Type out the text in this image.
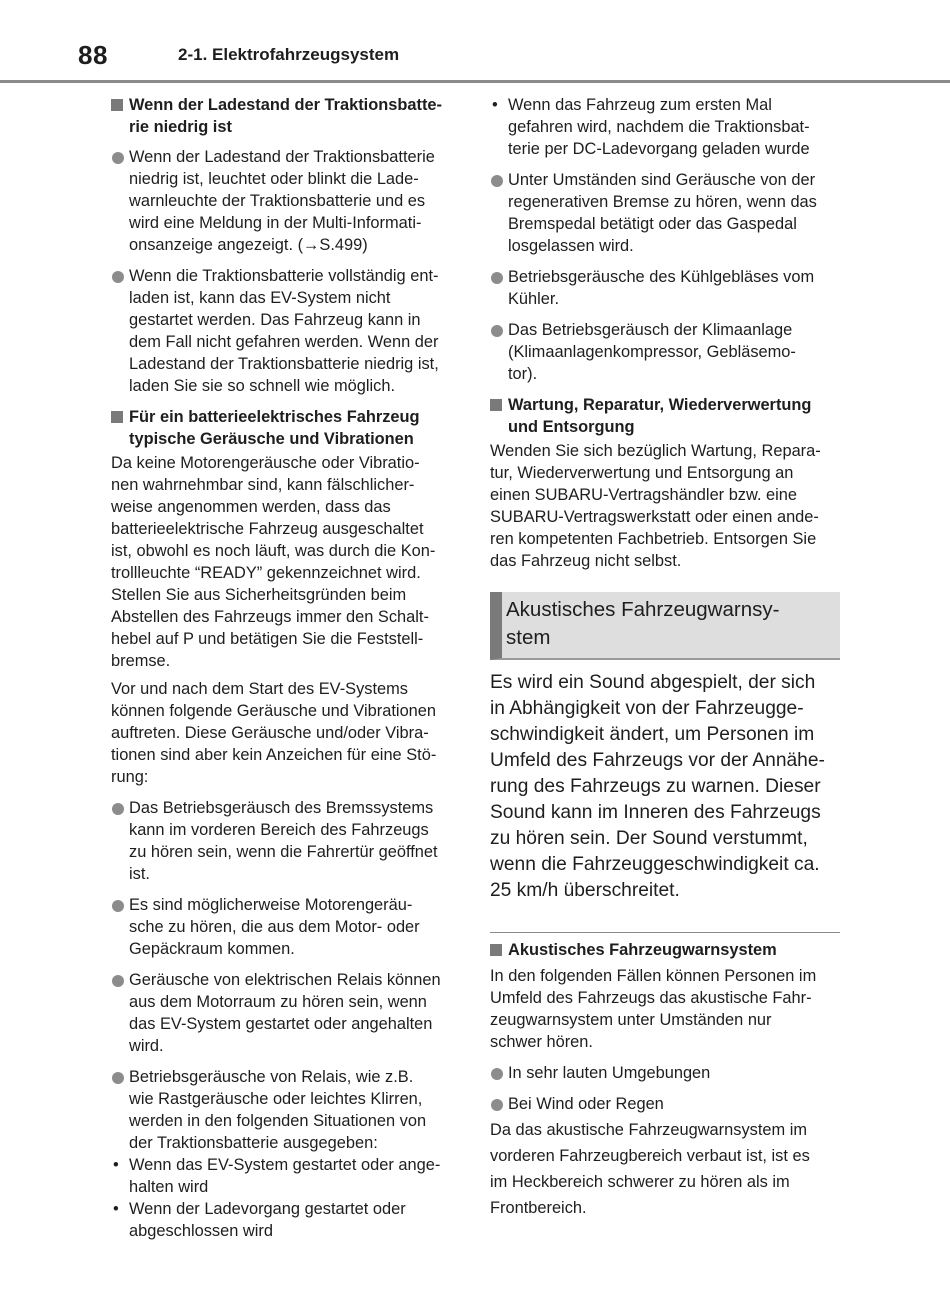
88	2-1. Elektrofahrzeugsystem
Wenn der Ladestand der Traktionsbatte-
rie niedrig ist
Wenn der Ladestand der Traktionsbatterie
niedrig ist, leuchtet oder blinkt die Lade-
warnleuchte der Traktionsbatterie und es
wird eine Meldung in der Multi-Informati-
onsanzeige angezeigt. (→S.499)
Wenn die Traktionsbatterie vollständig ent-
laden ist, kann das EV-System nicht
gestartet werden. Das Fahrzeug kann in
dem Fall nicht gefahren werden. Wenn der
Ladestand der Traktionsbatterie niedrig ist,
laden Sie sie so schnell wie möglich.
Für ein batterieelektrisches Fahrzeug
typische Geräusche und Vibrationen
Da keine Motorengeräusche oder Vibratio-
nen wahrnehmbar sind, kann fälschlicher-
weise angenommen werden, dass das
batterieelektrische Fahrzeug ausgeschaltet
ist, obwohl es noch läuft, was durch die Kon-
trollleuchte “READY” gekennzeichnet wird.
Stellen Sie aus Sicherheitsgründen beim
Abstellen des Fahrzeugs immer den Schalt-
hebel auf P und betätigen Sie die Feststell-
bremse.
Vor und nach dem Start des EV-Systems
können folgende Geräusche und Vibrationen
auftreten. Diese Geräusche und/oder Vibra-
tionen sind aber kein Anzeichen für eine Stö-
rung:
Das Betriebsgeräusch des Bremssystems
kann im vorderen Bereich des Fahrzeugs
zu hören sein, wenn die Fahrertür geöffnet
ist.
Es sind möglicherweise Motorengeräu-
sche zu hören, die aus dem Motor- oder
Gepäckraum kommen.
Geräusche von elektrischen Relais können
aus dem Motorraum zu hören sein, wenn
das EV-System gestartet oder angehalten
wird.
Betriebsgeräusche von Relais, wie z.B.
wie Rastgeräusche oder leichtes Klirren,
werden in den folgenden Situationen von
der Traktionsbatterie ausgegeben:
• Wenn das EV-System gestartet oder ange-
halten wird
• Wenn der Ladevorgang gestartet oder
abgeschlossen wird
• Wenn das Fahrzeug zum ersten Mal
gefahren wird, nachdem die Traktionsbat-
terie per DC-Ladevorgang geladen wurde
Unter Umständen sind Geräusche von der
regenerativen Bremse zu hören, wenn das
Bremspedal betätigt oder das Gaspedal
losgelassen wird.
Betriebsgeräusche des Kühlgebläses vom
Kühler.
Das Betriebsgeräusch der Klimaanlage
(Klimaanlagenkompressor, Gebläsemo-
tor).
Wartung, Reparatur, Wiederverwertung
und Entsorgung
Wenden Sie sich bezüglich Wartung, Repara-
tur, Wiederverwertung und Entsorgung an
einen SUBARU-Vertragshändler bzw. eine
SUBARU-Vertragswerkstatt oder einen ande-
ren kompetenten Fachbetrieb. Entsorgen Sie
das Fahrzeug nicht selbst.
Akustisches Fahrzeugwarnsy-
stem
Es wird ein Sound abgespielt, der sich
in Abhängigkeit von der Fahrzeugge-
schwindigkeit ändert, um Personen im
Umfeld des Fahrzeugs vor der Annähe-
rung des Fahrzeugs zu warnen. Dieser
Sound kann im Inneren des Fahrzeugs
zu hören sein. Der Sound verstummt,
wenn die Fahrzeuggeschwindigkeit ca.
25 km/h überschreitet.
Akustisches Fahrzeugwarnsystem
In den folgenden Fällen können Personen im
Umfeld des Fahrzeugs das akustische Fahr-
zeugwarnsystem unter Umständen nur
schwer hören.
In sehr lauten Umgebungen
Bei Wind oder Regen
Da das akustische Fahrzeugwarnsystem im
vorderen Fahrzeugbereich verbaut ist, ist es
im Heckbereich schwerer zu hören als im
Frontbereich.
